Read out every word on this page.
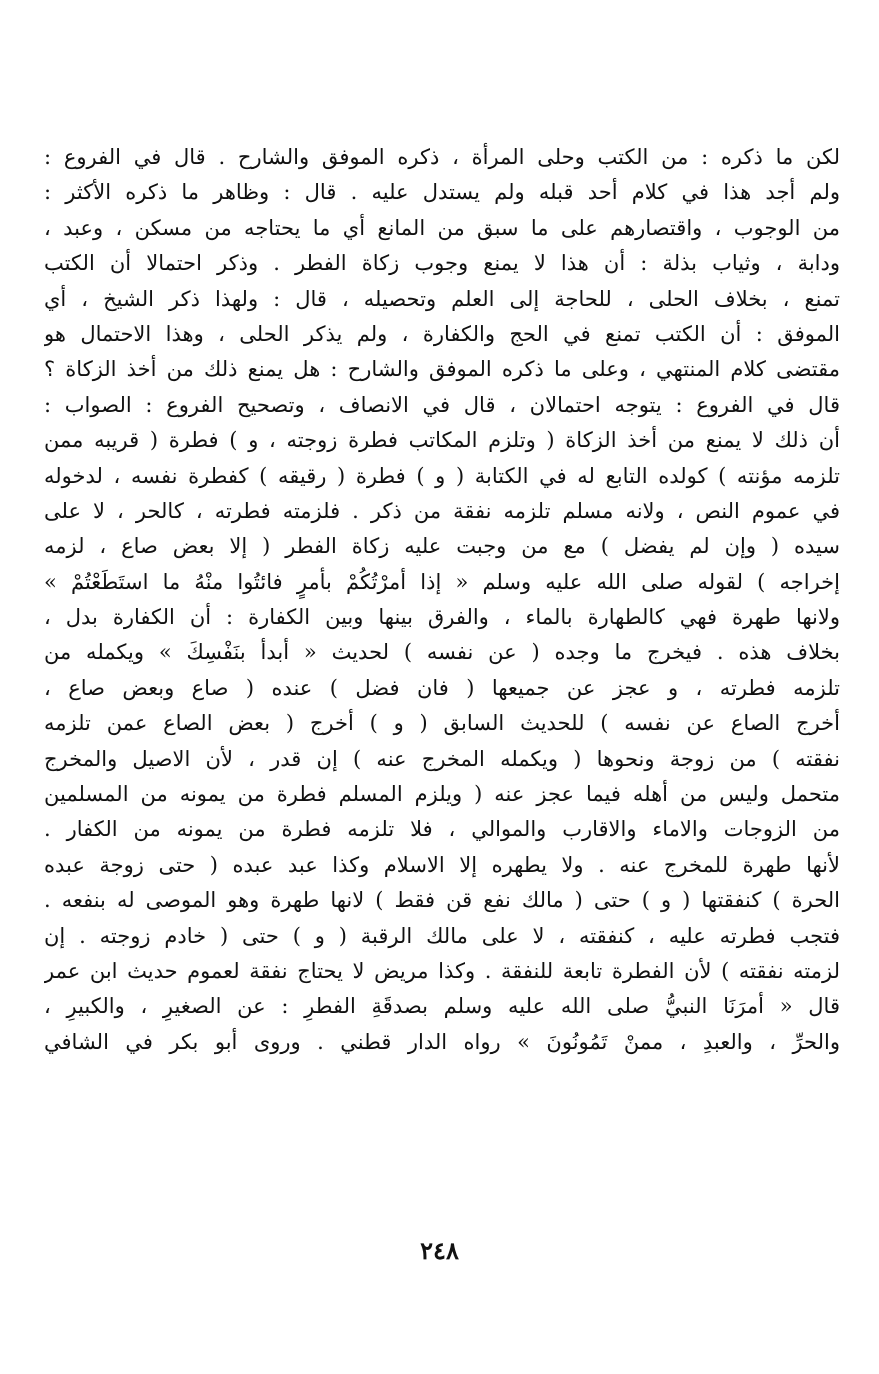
لكن ما ذكره : من الكتب وحلى المرأة ، ذكره الموفق والشارح . قال في الفروع :
ولم أجد هذا في كلام أحد قبله ولم يستدل عليه . قال : وظاهر ما ذكره الأكثر :
من الوجوب ، واقتصارهم على ما سبق من المانع أي ما يحتاجه من مسكن ، وعبد ،
ودابة ، وثياب بذلة : أن هذا لا يمنع وجوب زكاة الفطر . وذكر احتمالا أن الكتب
تمنع ، بخلاف الحلى ، للحاجة إلى العلم وتحصيله ، قال : ولهذا ذكر الشيخ ، أي
الموفق : أن الكتب تمنع في الحج والكفارة ، ولم يذكر الحلى ، وهذا الاحتمال هو
مقتضى كلام المنتهي ، وعلى ما ذكره الموفق والشارح : هل يمنع ذلك من أخذ الزكاة ؟
قال في الفروع : يتوجه احتمالان ، قال في الانصاف ، وتصحيح الفروع : الصواب :
أن ذلك لا يمنع من أخذ الزكاة ( وتلزم المكاتب فطرة زوجته ، و ) فطرة ( قريبه ممن
تلزمه مؤنته ) كولده التابع له في الكتابة ( و ) فطرة ( رقيقه ) كفطرة نفسه ، لدخوله
في عموم النص ، ولانه مسلم تلزمه نفقة من ذكر . فلزمته فطرته ، كالحر ، لا على
سيده ( وإن لم يفضل ) مع من وجبت عليه زكاة الفطر ( إلا بعض صاع ، لزمه
إخراجه ) لقوله صلى الله عليه وسلم « إذا أمرْتُكُمْ بأمرٍ فائتُوا منْهُ ما استَطَعْتُمْ »
ولانها طهرة فهي كالطهارة بالماء ، والفرق بينها وبين الكفارة : أن الكفارة بدل ،
بخلاف هذه . فيخرج ما وجده ( عن نفسه ) لحديث « أبدأ بنَفْسِكَ » ويكمله من
تلزمه فطرته ، و عجز عن جميعها ( فان فضل ) عنده ( صاع وبعض صاع ،
أخرج الصاع عن نفسه ) للحديث السابق ( و ) أخرج ( بعض الصاع عمن تلزمه
نفقته ) من زوجة ونحوها ( ويكمله المخرج عنه ) إن قدر ، لأن الاصيل والمخرج
متحمل وليس من أهله فيما عجز عنه ( ويلزم المسلم فطرة من يمونه من المسلمين
من الزوجات والاماء والاقارب والموالي ، فلا تلزمه فطرة من يمونه من الكفار .
لأنها طهرة للمخرج عنه . ولا يطهره إلا الاسلام وكذا عبد عبده ( حتى زوجة عبده
الحرة ) كنفقتها ( و ) حتى ( مالك نفع قن فقط ) لانها طهرة وهو الموصى له بنفعه .
فتجب فطرته عليه ، كنفقته ، لا على مالك الرقبة ( و ) حتى ( خادم زوجته . إن
لزمته نفقته ) لأن الفطرة تابعة للنفقة . وكذا مريض لا يحتاج نفقة لعموم حديث ابن عمر
قال « أمرَنَا النبيُّ صلى الله عليه وسلم بصدقَةِ الفطرِ : عن الصغيرِ ، والكبيرِ ،
والحرِّ ، والعبدِ ، ممنْ تَمُونُونَ » رواه الدار قطني . وروى أبو بكر في الشافي
٢٤٨
